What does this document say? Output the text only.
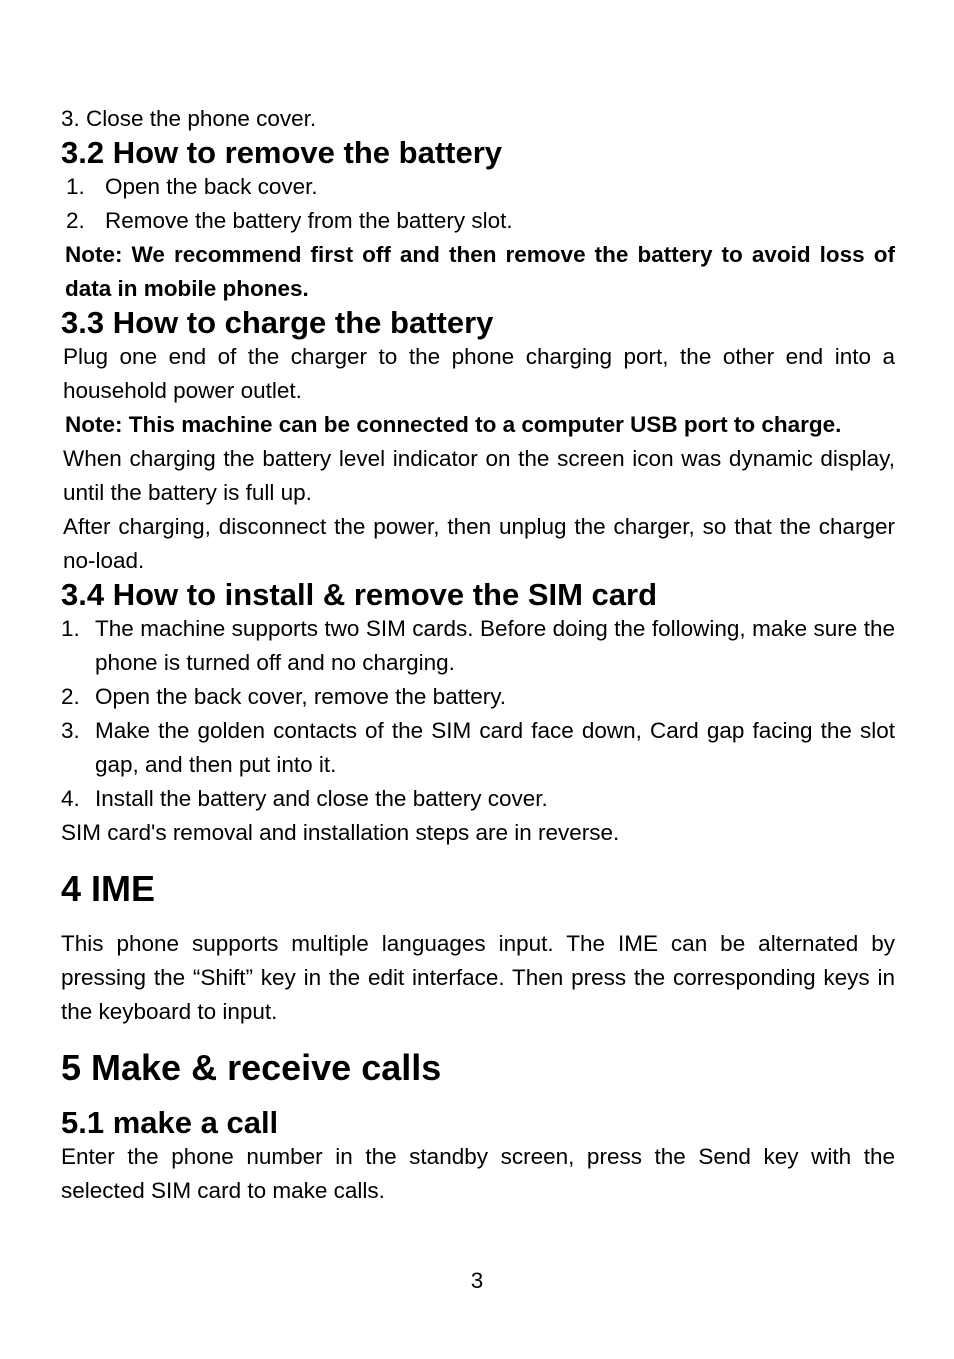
3. Close the phone cover.

3.2 How to remove the battery
1. Open the back cover.
2. Remove the battery from the battery slot.

Note: We recommend first off and then remove the battery to avoid loss of data in mobile phones.

3.3 How to charge the battery

Plug one end of the charger to the phone charging port, the other end into a household power outlet.

Note: This machine can be connected to a computer USB port to charge.

When charging the battery level indicator on the screen icon was dynamic display, until the battery is full up.

After charging, disconnect the power, then unplug the charger, so that the charger no-load.

3.4 How to install & remove the SIM card
1. The machine supports two SIM cards. Before doing the following, make sure the phone is turned off and no charging.
2. Open the back cover, remove the battery.
3. Make the golden contacts of the SIM card face down, Card gap facing the slot gap, and then put into it.
4. Install the battery and close the battery cover.

SIM card's removal and installation steps are in reverse.

4 IME

This phone supports multiple languages input. The IME can be alternated by pressing the “Shift” key in the edit interface. Then press the corresponding keys in the keyboard to input.

5 Make & receive calls
5.1 make a call

Enter the phone number in the standby screen, press the Send key with the selected SIM card to make calls.

3
